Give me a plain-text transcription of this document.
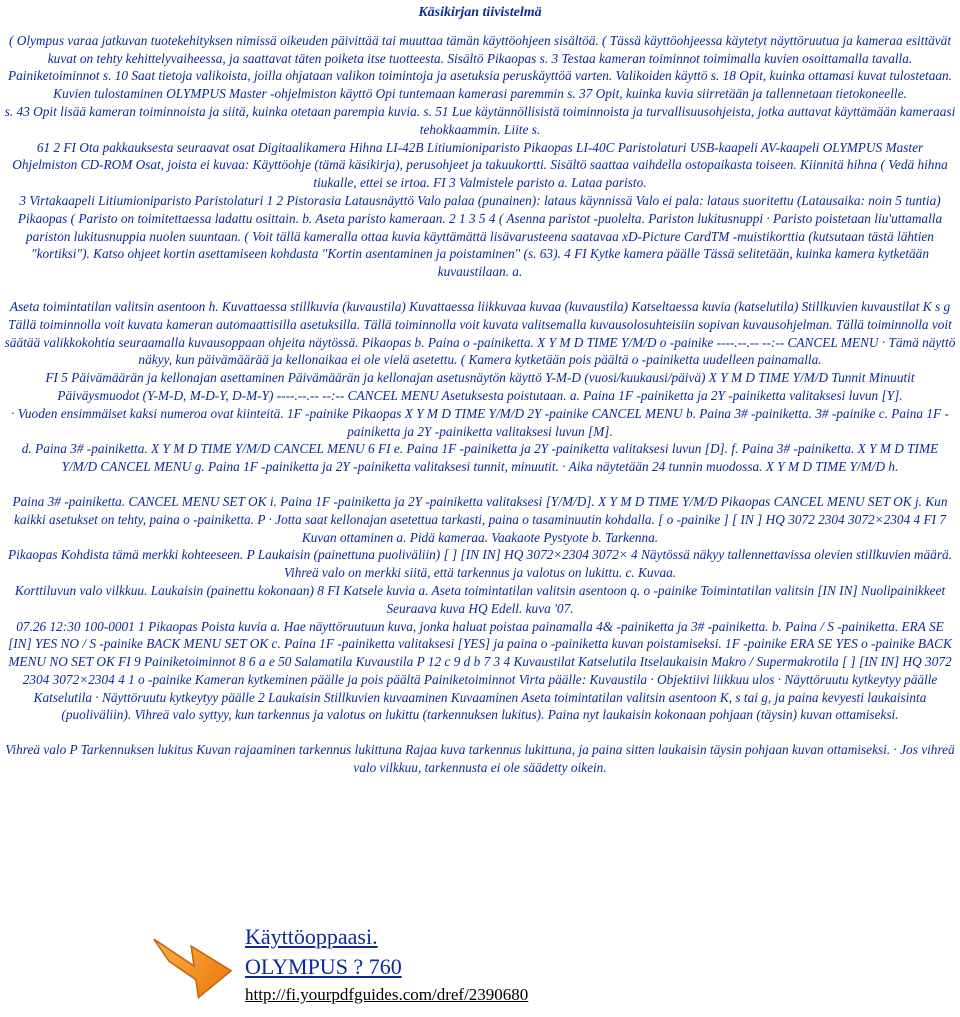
Käsikirjan tiivistelmä
( Olympus varaa jatkuvan tuotekehityksen nimissä oikeuden päivittää tai muuttaa tämän käyttöohjeen sisältöä. ( Tässä käyttöohjeessa käytetyt näyttöruutua ja kameraa esittävät kuvat on tehty kehittelyvaiheessa, ja saattavat täten poiketa itse tuotteesta. Sisältö Pikaopas s. 3 Testaa kameran toiminnot toimimalla kuvien osoittamalla tavalla. Painiketoiminnot s. 10 Saat tietoja valikoista, joilla ohjataan valikon toimintoja ja asetuksia peruskäyttöä varten. Valikoiden käyttö s. 18 Opit, kuinka ottamasi kuvat tulostetaan. Kuvien tulostaminen OLYMPUS Master -ohjelmiston käyttö Opi tuntemaan kamerasi paremmin s. 37 Opit, kuinka kuvia siirretään ja tallennetaan tietokoneelle.
s. 43 Opit lisää kameran toiminnoista ja siitä, kuinka otetaan parempia kuvia. s. 51 Lue käytännöllisistä toiminnoista ja turvallisuusohjeista, jotka auttavat käyttämään kameraasi tehokkaammin. Liite s.
61 2 FI Ota pakkauksesta seuraavat osat Digitaalikamera Hihna LI-42B Litiumioniparisto Pikaopas LI-40C Paristolaturi USB-kaapeli AV-kaapeli OLYMPUS Master Ohjelmiston CD-ROM Osat, joista ei kuvaa: Käyttöohje (tämä käsikirja), perusohjeet ja takuukortti. Sisältö saattaa vaihdella ostopaikasta toiseen. Kiinnitä hihna ( Vedä hihna tiukalle, ettei se irtoa. FI 3 Valmistele paristo a. Lataa paristo.
3 Virtakaapeli Litiumioniparisto Paristolaturi 1 2 Pistorasia Latausnäyttö Valo palaa (punainen): lataus käynnissä Valo ei pala: lataus suoritettu (Latausaika: noin 5 tuntia) Pikaopas ( Paristo on toimitettaessa ladattu osittain. b. Aseta paristo kameraan. 2 1 3 5 4 ( Asenna paristot -puolelta. Pariston lukitusnuppi · Paristo poistetaan liu'uttamalla pariston lukitusnuppia nuolen suuntaan. ( Voit tällä kameralla ottaa kuvia käyttämättä lisävarusteena saatavaa xD-Picture CardTM -muistikorttia (kutsutaan tästä lähtien "kortiksi"). Katso ohjeet kortin asettamiseen kohdasta "Kortin asentaminen ja poistaminen" (s. 63). 4 FI Kytke kamera päälle Tässä selitetään, kuinka kamera kytketään kuvaustilaan. a.
Aseta toimintatilan valitsin asentoon h. Kuvattaessa stillkuvia (kuvaustila) Kuvattaessa liikkuvaa kuvaa (kuvaustila) Katseltaessa kuvia (katselutila) Stillkuvien kuvaustilat K s g Tällä toiminnolla voit kuvata kameran automaattisilla asetuksilla. Tällä toiminnolla voit kuvata valitsemalla kuvausolosuhteisiin sopivan kuvausohjelman. Tällä toiminnolla voit säätää valikkokohtia seuraamalla kuvausoppaan ohjeita näytössä. Pikaopas b. Paina o -painiketta. X Y M D TIME Y/M/D o -painike ----.--.-- --:-- CANCEL MENU · Tämä näyttö näkyy, kun päivämäärää ja kellonaikaa ei ole vielä asetettu. ( Kamera kytketään pois päältä o -painiketta uudelleen painamalla.
FI 5 Päivämäärän ja kellonajan asettaminen Päivämäärän ja kellonajan asetusnäytön käyttö Y-M-D (vuosi/kuukausi/päivä) X Y M D TIME Y/M/D Tunnit Minuutit Päiväysmuodot (Y-M-D, M-D-Y, D-M-Y) ----.--.-- --:-- CANCEL MENU Asetuksesta poistutaan. a. Paina 1F -painiketta ja 2Y -painiketta valitaksesi luvun [Y].
· Vuoden ensimmäiset kaksi numeroa ovat kiinteitä. 1F -painike Pikaopas X Y M D TIME Y/M/D 2Y -painike CANCEL MENU b. Paina 3# -painiketta. 3# -painike c. Paina 1F -painiketta ja 2Y -painiketta valitaksesi luvun [M].
d. Paina 3# -painiketta. X Y M D TIME Y/M/D CANCEL MENU 6 FI e. Paina 1F -painiketta ja 2Y -painiketta valitaksesi luvun [D]. f. Paina 3# -painiketta. X Y M D TIME Y/M/D CANCEL MENU g. Paina 1F -painiketta ja 2Y -painiketta valitaksesi tunnit, minuutit. · Aika näytetään 24 tunnin muodossa. X Y M D TIME Y/M/D h.
Paina 3# -painiketta. CANCEL MENU SET OK i. Paina 1F -painiketta ja 2Y -painiketta valitaksesi [Y/M/D]. X Y M D TIME Y/M/D Pikaopas CANCEL MENU SET OK j. Kun kaikki asetukset on tehty, paina o -painiketta. P · Jotta saat kellonajan asetettua tarkasti, paina o tasaminuutin kohdalla. [ o -painike ] [ IN ] HQ 3072 2304 3072×2304 4 FI 7 Kuvan ottaminen a. Pidä kameraa. Vaakaote Pystyote b. Tarkenna.
Pikaopas Kohdista tämä merkki kohteeseen. P Laukaisin (painettuna puoliväliin) [ ] [IN IN] HQ 3072×2304 3072× 4 Näytössä näkyy tallennettavissa olevien stillkuvien määrä. Vihreä valo on merkki siitä, että tarkennus ja valotus on lukittu. c. Kuvaa.
Korttiluvun valo vilkkuu. Laukaisin (painettu kokonaan) 8 FI Katsele kuvia a. Aseta toimintatilan valitsin asentoon q. o -painike Toimintatilan valitsin [IN IN] Nuolipainikkeet Seuraava kuva HQ Edell. kuva '07.
07.26 12:30 100-0001 1 Pikaopas Poista kuvia a. Hae näyttöruutuun kuva, jonka haluat poistaa painamalla 4& -painiketta ja 3# -painiketta. b. Paina / S -painiketta. ERA SE [IN] YES NO / S -painike BACK MENU SET OK c. Paina 1F -painiketta valitaksesi [YES] ja paina o -painiketta kuvan poistamiseksi. 1F -painike ERA SE YES o -painike BACK MENU NO SET OK FI 9 Painiketoiminnot 8 6 a e 50 Salamatila Kuvaustila P 12 c 9 d b 7 3 4 Kuvaustilat Katselutila Itselaukaisin Makro / Supermakrotila [ ] [IN IN] HQ 3072 2304 3072×2304 4 1 o -painike Kameran kytkeminen päälle ja pois päältä Painiketoiminnot Virta päälle: Kuvaustila · Objektiivi liikkuu ulos · Näyttöruutu kytkeytyy päälle Katselutila · Näyttöruutu kytkeytyy päälle 2 Laukaisin Stillkuvien kuvaaminen Kuvaaminen Aseta toimintatilan valitsin asentoon K, s tai g, ja paina kevyesti laukaisinta (puoliväliin). Vihreä valo syttyy, kun tarkennus ja valotus on lukittu (tarkennuksen lukitus). Paina nyt laukaisin kokonaan pohjaan (täysin) kuvan ottamiseksi.
Vihreä valo P Tarkennuksen lukitus Kuvan rajaaminen tarkennus lukittuna Rajaa kuva tarkennus lukittuna, ja paina sitten laukaisin täysin pohjaan kuvan ottamiseksi. · Jos vihreä valo vilkkuu, tarkennusta ei ole säädetty oikein.
Käyttöoppaasi.
OLYMPUS ? 760
http://fi.yourpdfguides.com/dref/2390680
